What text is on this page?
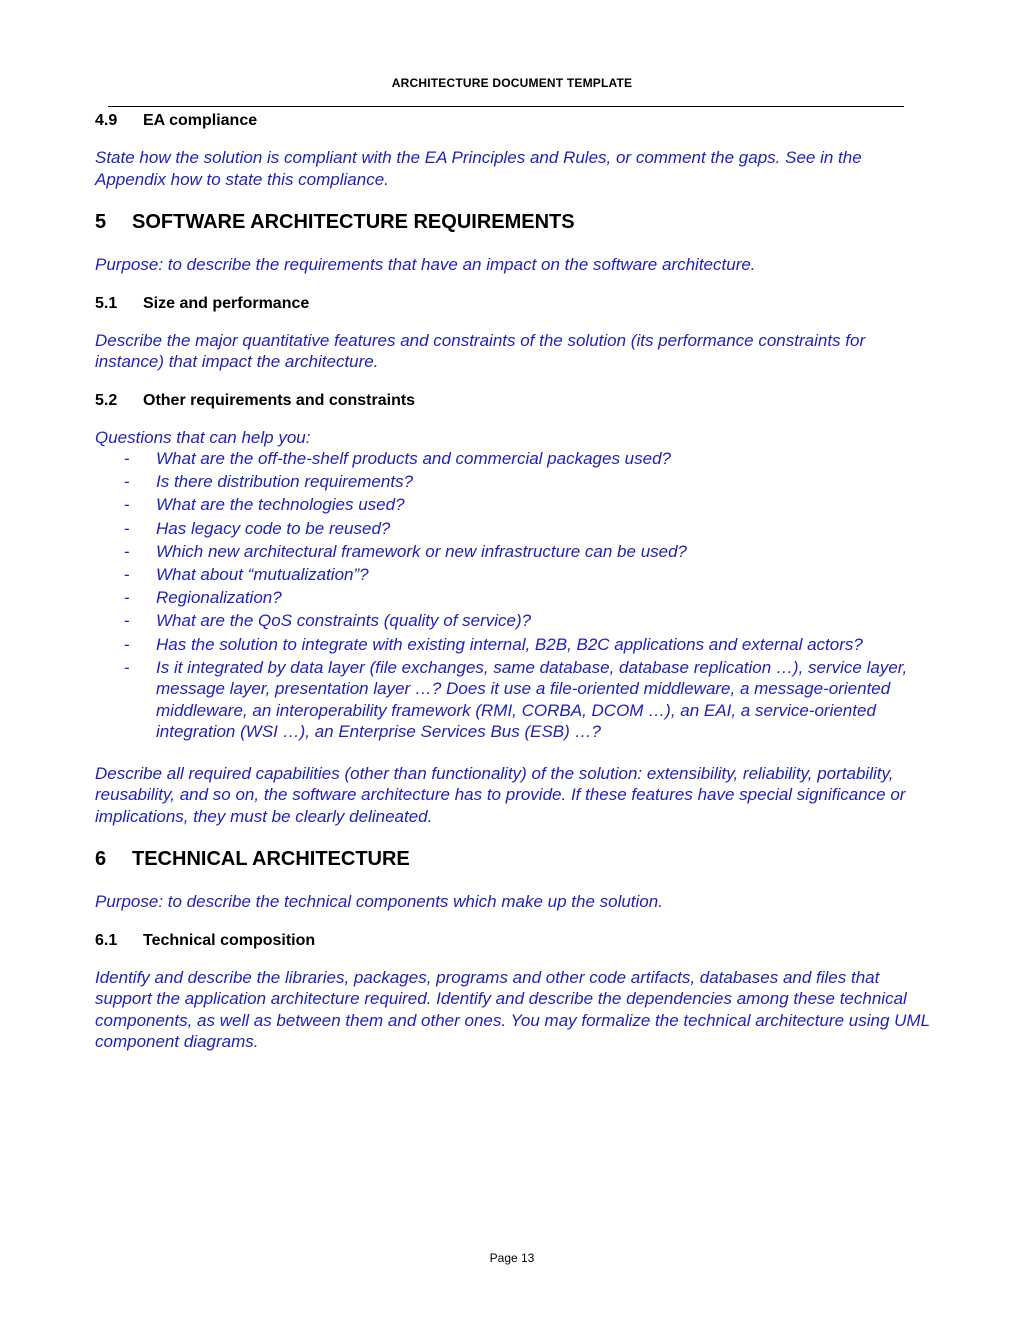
ARCHITECTURE DOCUMENT TEMPLATE
4.9	EA compliance

State how the solution is compliant with the EA Principles and Rules, or comment the gaps. See in the Appendix how to state this compliance.

5	SOFTWARE ARCHITECTURE REQUIREMENTS

Purpose: to describe the requirements that have an impact on the software architecture.

5.1	Size and performance

Describe the major quantitative features and constraints of the solution (its performance constraints for instance) that impact the architecture.

5.2	Other requirements and constraints

Questions that can help you:

- What are the off-the-shelf products and commercial packages used?
- Is there distribution requirements?
- What are the technologies used?
- Has legacy code to be reused?
- Which new architectural framework or new infrastructure can be used?
- What about “mutualization”?
- Regionalization?
- What are the QoS constraints (quality of service)?
- Has the solution to integrate with existing internal, B2B, B2C applications and external actors?
- Is it integrated by data layer (file exchanges, same database, database replication …), service layer, message layer, presentation layer …? Does it use a file-oriented middleware, a message-oriented middleware, an interoperability framework (RMI, CORBA, DCOM …), an EAI, a service-oriented integration (WSI …), an Enterprise Services Bus (ESB) …?

Describe all required capabilities (other than functionality) of the solution: extensibility, reliability, portability, reusability, and so on, the software architecture has to provide. If these features have special significance or implications, they must be clearly delineated.

6	TECHNICAL ARCHITECTURE

Purpose: to describe the technical components which make up the solution.

6.1	Technical composition

Identify and describe the libraries, packages, programs and other code artifacts, databases and files that support the application architecture required. Identify and describe the dependencies among these technical components, as well as between them and other ones. You may formalize the technical architecture using UML component diagrams.

Page 13
